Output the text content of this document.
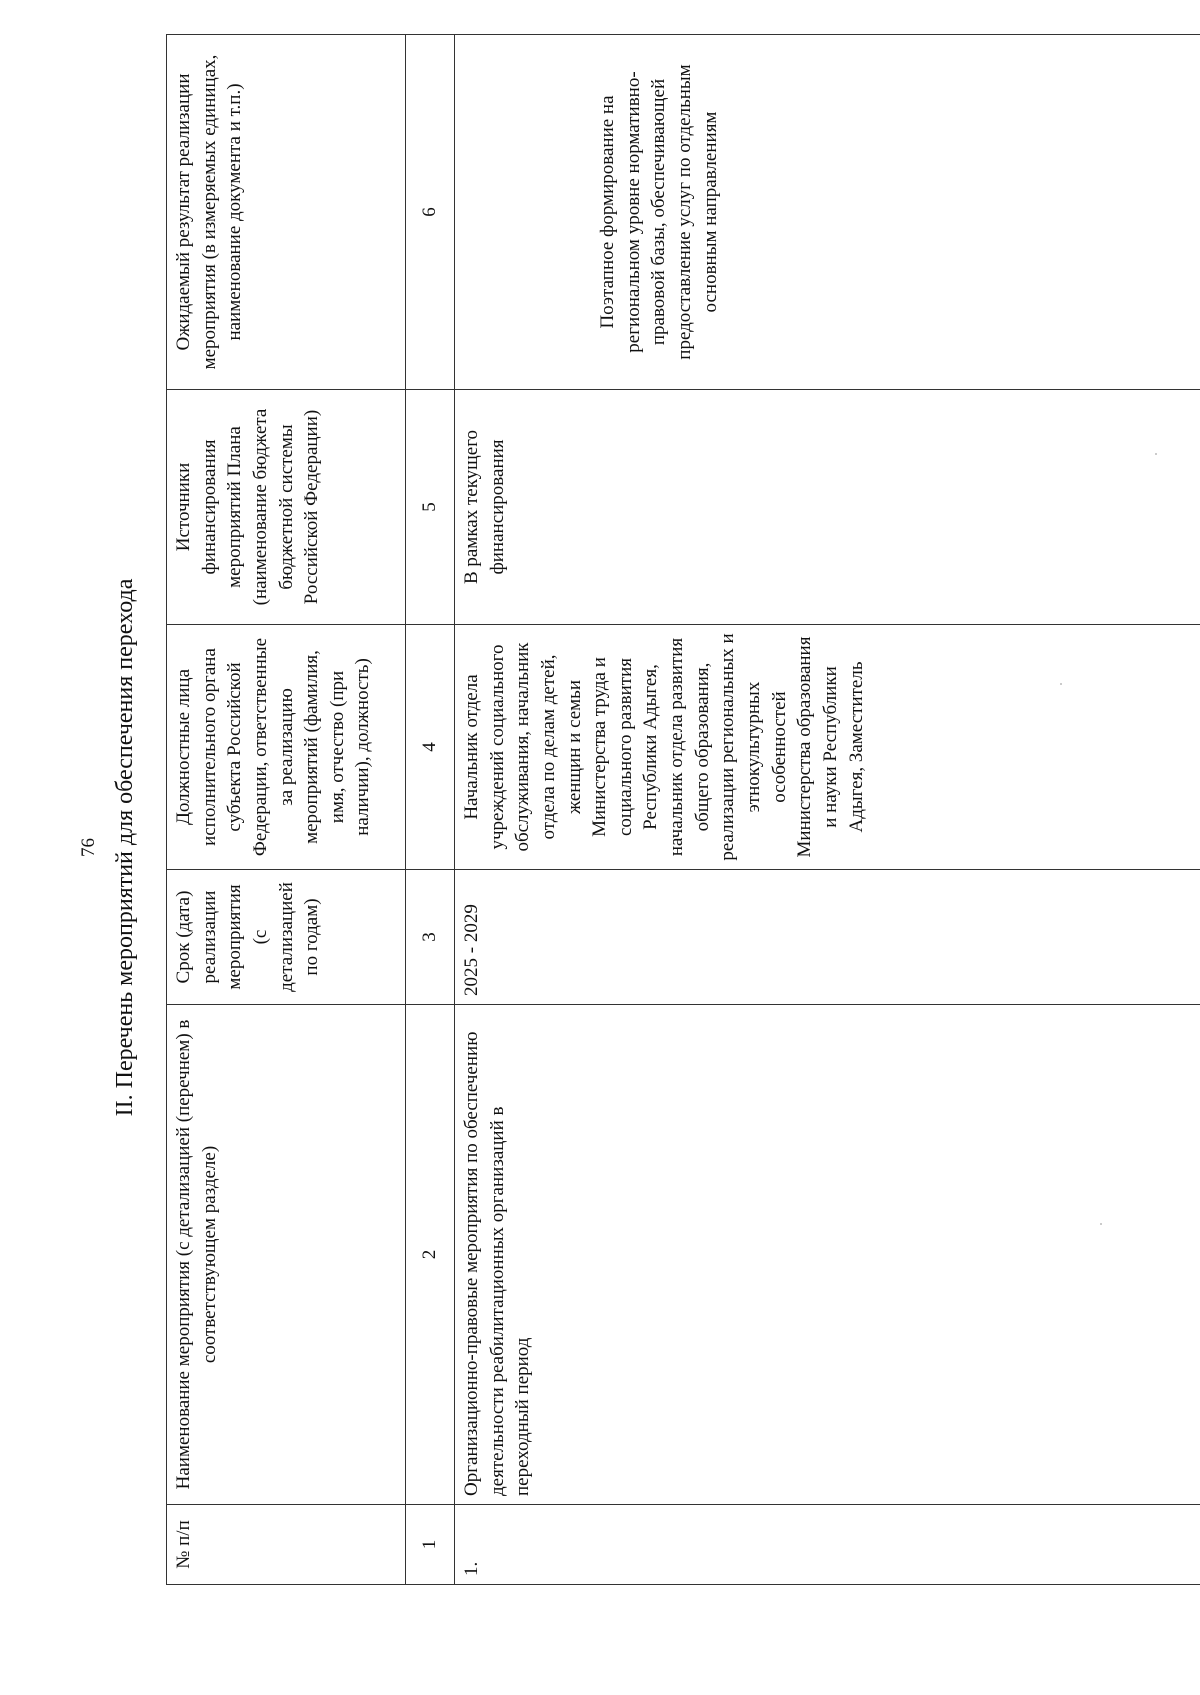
76 II. Перечень мероприятий для обеспечения перехода
№ п/п	Наименование мероприятия (с детализацией (перечнем) в соответствующем разделе)	Срок (дата) реализации мероприятия (с детализацией по годам)	Должностные лица исполнительного органа субъекта Российской Федерации, ответственные за реализацию мероприятий (фамилия, имя, отчество (при наличии), должность)	Источники финансирования мероприятий Плана (наименование бюджета бюджетной системы Российской Федерации)	Ожидаемый результат реализации мероприятия (в измеряемых единицах, наименование документа и т.п.)
1	2	3	4	5	6
1.	Организационно-правовые мероприятия по обеспечению деятельности реабилитационных организаций в переходный период	2025 - 2029	Начальник отдела учреждений социального обслуживания, начальник отдела по делам детей, женщин и семьи Министерства труда и социального развития Республики Адыгея, начальник отдела развития общего образования, реализации региональных и этнокультурных особенностей Министерства образования и науки Республики Адыгея, Заместитель	В рамках текущего финансирования	Поэтапное формирование на региональном уровне нормативно-правовой базы, обеспечивающей предоставление услуг по отдельным основным направлениям
